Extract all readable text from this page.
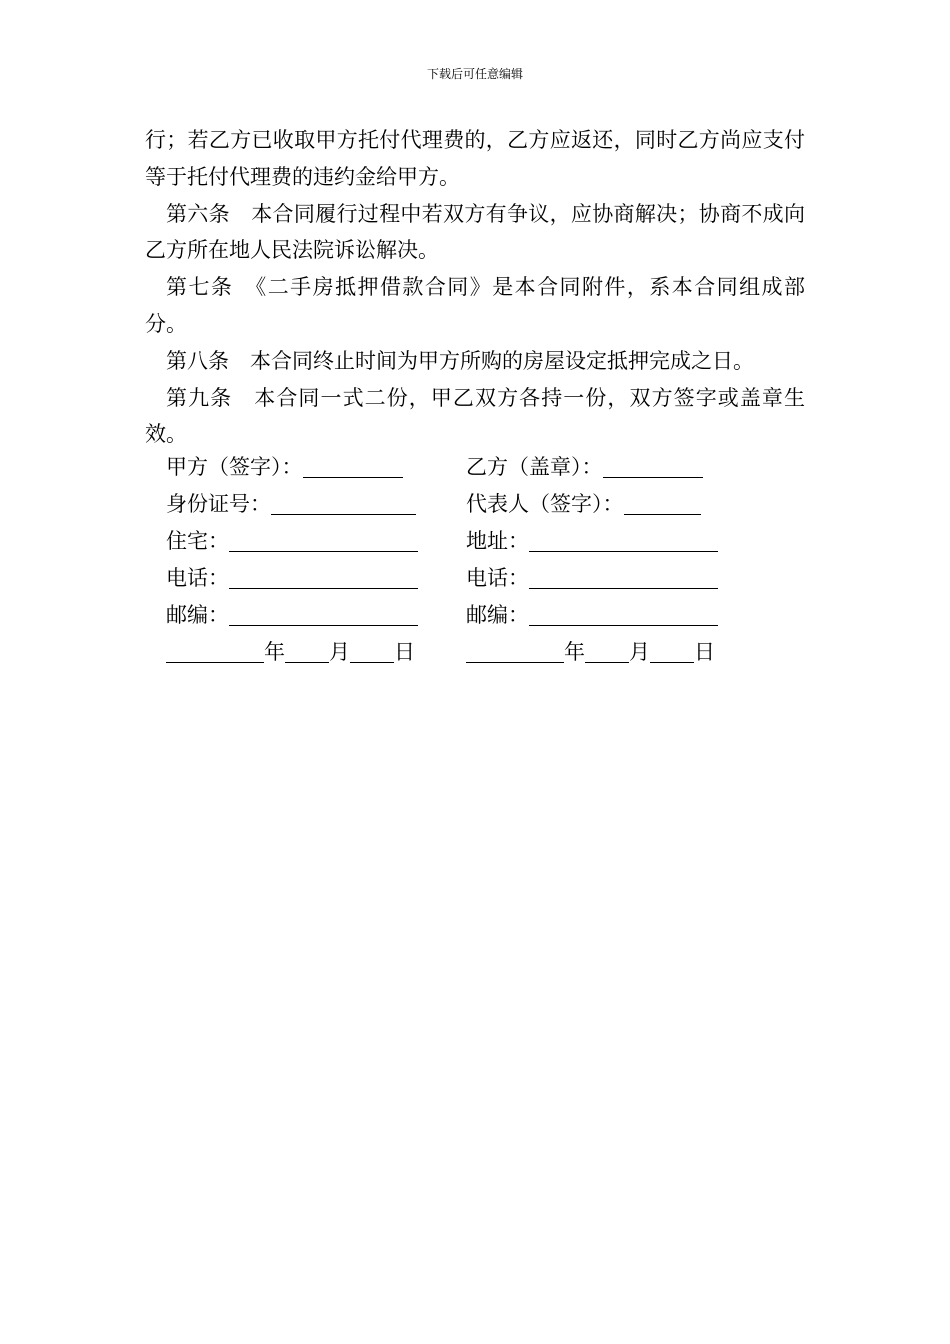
下载后可任意编辑

行；若乙方已收取甲方托付代理费的，乙方应返还，同时乙方尚应支付等于托付代理费的违约金给甲方。

第六条　本合同履行过程中若双方有争议，应协商解决；协商不成向乙方所在地人民法院诉讼解决。

第七条　《二手房抵押借款合同》是本合同附件，系本合同组成部分。

第八条　本合同终止时间为甲方所购的房屋设定抵押完成之日。

第九条　本合同一式二份，甲乙双方各持一份，双方签字或盖章生效。

甲方（签字）：	乙方（盖章）：
身份证号：	代表人（签字）：
住宅：	地址：
电话：	电话：
邮编：	邮编：
年 月 日	年 月 日
